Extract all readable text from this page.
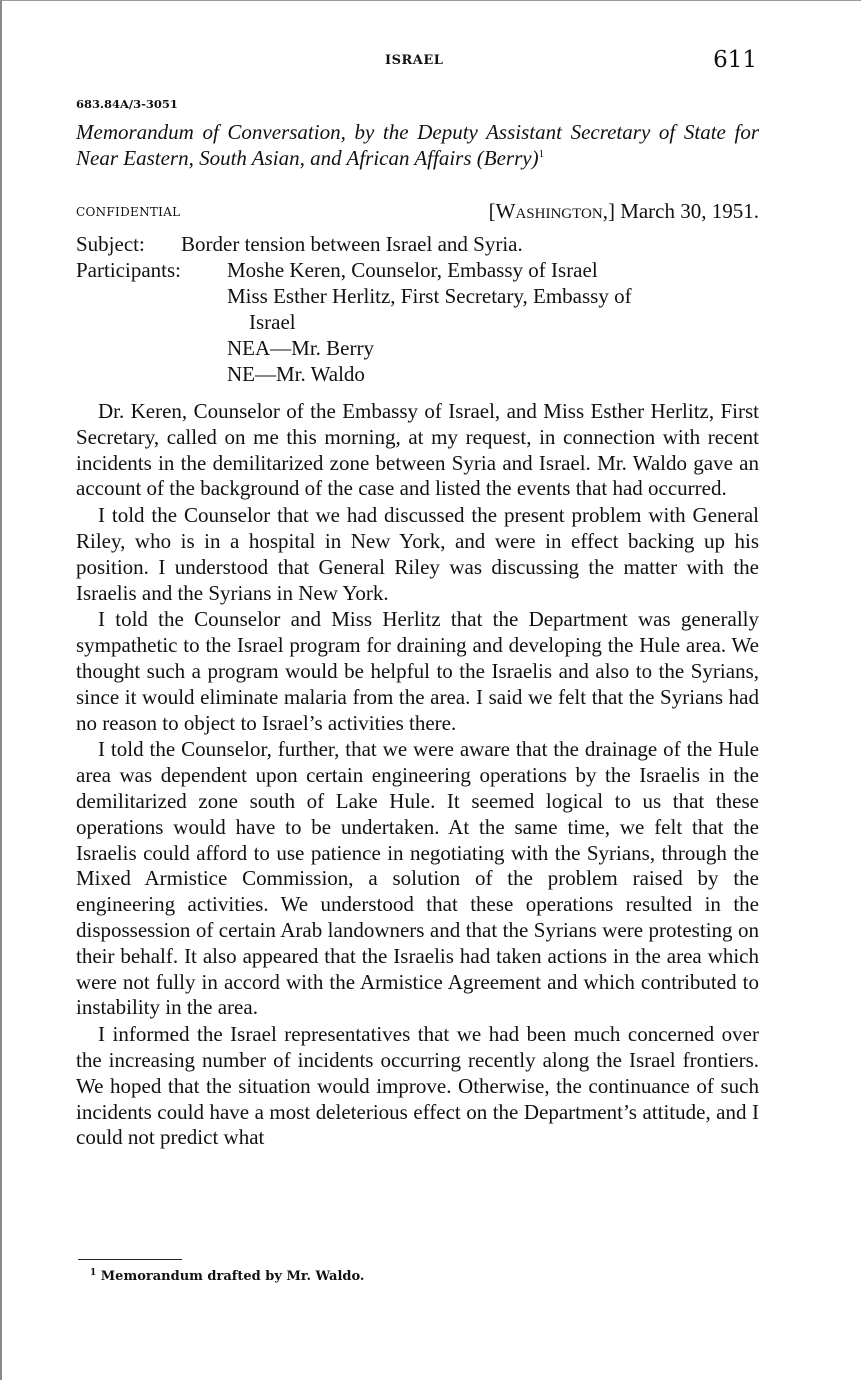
ISRAEL	611
683.84A/3-3051
Memorandum of Conversation, by the Deputy Assistant Secretary of State for Near Eastern, South Asian, and African Affairs (Berry)$^1$
CONFIDENTIAL	[Washington,] March 30, 1951.
Subject:	Border tension between Israel and Syria.
Participants:	Moshe Keren, Counselor, Embassy of Israel
Miss Esther Herlitz, First Secretary, Embassy of
Israel
NEA—Mr. Berry
NE—Mr. Waldo

Dr. Keren, Counselor of the Embassy of Israel, and Miss Esther Herlitz, First Secretary, called on me this morning, at my request, in connection with recent incidents in the demilitarized zone between Syria and Israel. Mr. Waldo gave an account of the background of the case and listed the events that had occurred.

I told the Counselor that we had discussed the present problem with General Riley, who is in a hospital in New York, and were in effect backing up his position. I understood that General Riley was discussing the matter with the Israelis and the Syrians in New York.

I told the Counselor and Miss Herlitz that the Department was generally sympathetic to the Israel program for draining and developing the Hule area. We thought such a program would be helpful to the Israelis and also to the Syrians, since it would eliminate malaria from the area. I said we felt that the Syrians had no reason to object to Israel’s activities there.

I told the Counselor, further, that we were aware that the drainage of the Hule area was dependent upon certain engineering operations by the Israelis in the demilitarized zone south of Lake Hule. It seemed logical to us that these operations would have to be undertaken. At the same time, we felt that the Israelis could afford to use patience in negotiating with the Syrians, through the Mixed Armistice Commission, a solution of the problem raised by the engineering activities. We understood that these operations resulted in the dispossession of certain Arab landowners and that the Syrians were protesting on their behalf. It also appeared that the Israelis had taken actions in the area which were not fully in accord with the Armistice Agreement and which contributed to instability in the area.

I informed the Israel representatives that we had been much concerned over the increasing number of incidents occurring recently along the Israel frontiers. We hoped that the situation would improve. Otherwise, the continuance of such incidents could have a most deleterious effect on the Department’s attitude, and I could not predict what

$^1$ Memorandum drafted by Mr. Waldo.
